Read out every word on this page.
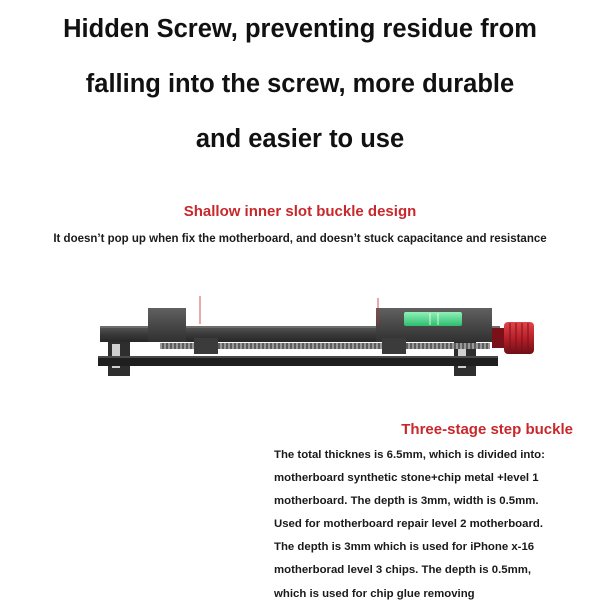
Hidden Screw, preventing residue from
falling into the screw, more durable
and easier to use
Shallow inner slot buckle design
It doesn’t pop up when fix the motherboard, and doesn’t stuck capacitance and resistance
Three-stage step buckle
The total thicknes is 6.5mm, which is divided into:
motherboard synthetic stone+chip metal +level 1
motherboard. The depth is 3mm, width is 0.5mm.
Used for motherboard repair level 2 motherboard.
The depth is 3mm which is used for iPhone x-16
motherborad level 3 chips. The depth is 0.5mm,
which is used for chip glue removing
